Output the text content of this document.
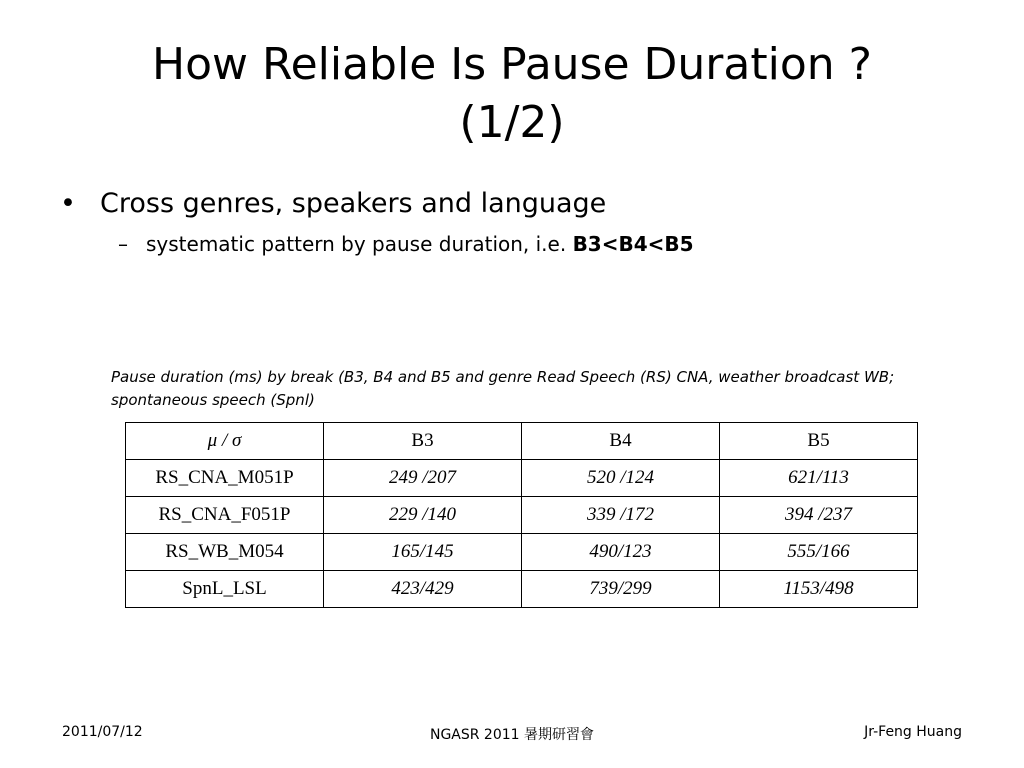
How Reliable Is Pause Duration ?
(1/2)
• Cross genres, speakers and language
– systematic pattern by pause duration, i.e. B3<B4<B5
Pause duration (ms) by break (B3, B4 and B5 and genre Read Speech (RS) CNA, weather broadcast WB; spontaneous speech (Spnl)
μ / σ	B3	B4	B5
RS_CNA_M051P	249 /207	520 /124	621/113
RS_CNA_F051P	229 /140	339 /172	394 /237
RS_WB_M054	165/145	490/123	555/166
SpnL_LSL	423/429	739/299	1153/498
2011/07/12	NGASR 2011 暑期研習會	Jr-Feng Huang
